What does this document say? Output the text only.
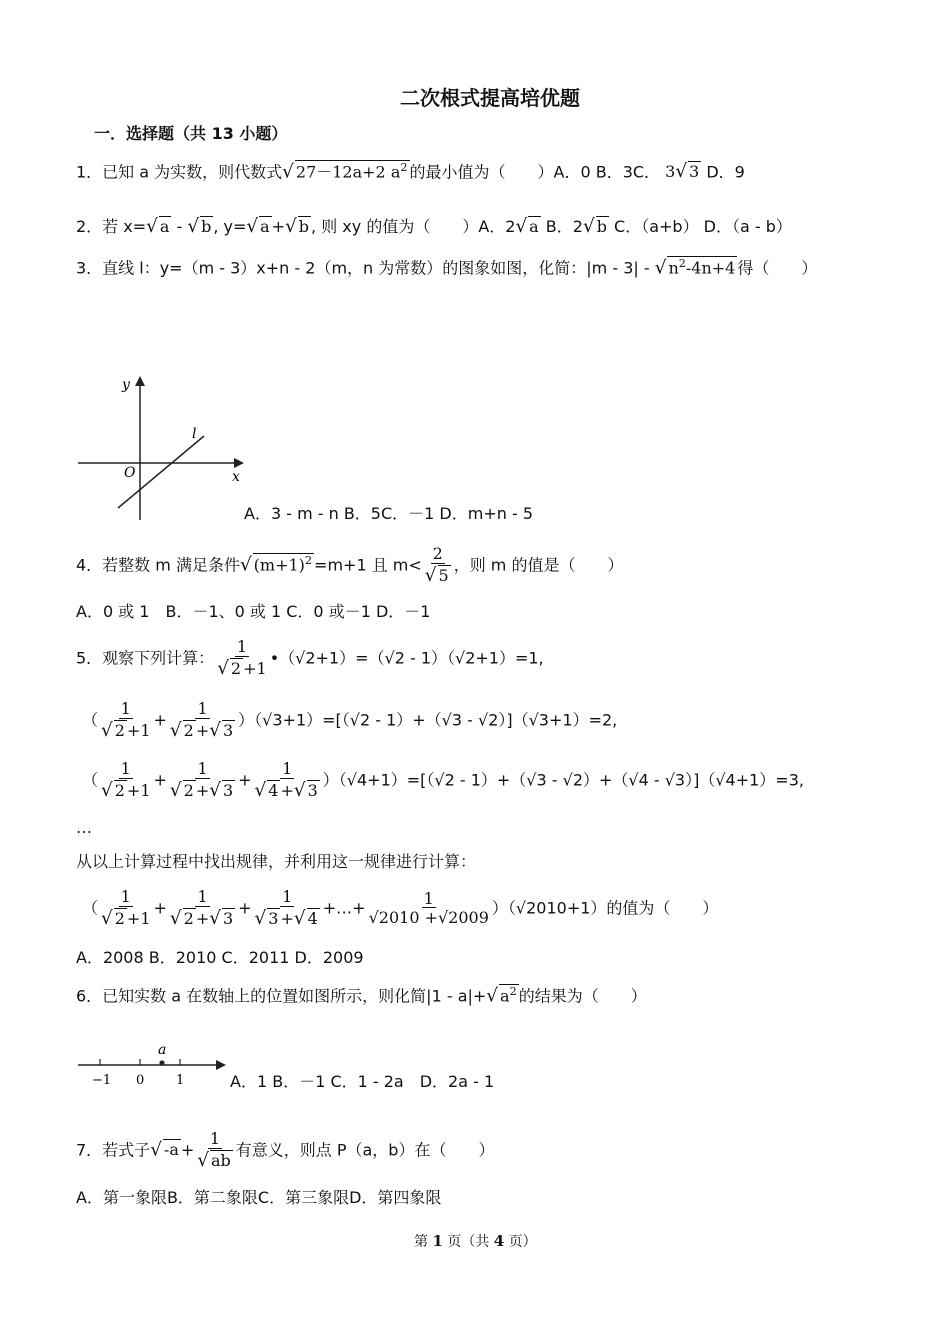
二次根式提高培优题
一．选择题（共 13 小题）
1．已知 a 为实数，则代数式√ 27－12a+2 $a^2$ 的最小值为（　　）A．0 B．3C． 3√ 3 D．9
2．若 x=√ a - √ b , y=√ a +√ b , 则 xy 的值为（　　）A．2√ a B．2√ b C．（a+b） D．（a - b）
3．直线 l：y=（m - 3）x+n - 2（m，n 为常数）的图象如图，化简：|m - 3| - √ $n^2-4n+4$ 得（　　）
y
x
O
l
A．3 - m - n B．5C．－1 D．m+n - 5
4．若整数 m 满足条件√ $(m+1)^2 =m+1$ 且 $m< \frac{2}{√ 5}$ ，则 m 的值是（　　）
A．0 或 1　B．－1、0 或 1 C．0 或－1 D．－1
5．观察下列计算： $\frac{1}{√ 2 +1}$ •（√2+1）=（√2 - 1）（√2+1）=1,
（ $\frac{1}{√ 2 +1} + \frac{1}{√ 2 +√ 3} )(√3+1)=[(√2 - 1)+(√3 - √2)](√3+1)=2$,
（ $\frac{1}{√ 2 +1} + \frac{1}{√ 2 +√ 3} + \frac{1}{√ 4 +√ 3} )(√4+1)=[(√2 - 1)+(√3 - √2)+(√4 - √3)](√4+1)=3$,
…
从以上计算过程中找出规律，并利用这一规律进行计算：
（ $\frac{1}{√ 2 +1} + \frac{1}{√ 2 +√ 3} + \frac{1}{√ 3 +√ 4}$ +…+ $\frac{1}{√2010 +√2009} )(√2010+1)$的值为（　　）
A．2008 B．2010 C．2011 D．2009
6．已知实数 a 在数轴上的位置如图所示，则化简|1 - a|+√ $a^2$ 的结果为（　　）
−1 0 1
a
A．1 B．－1 C．1 - 2a　D．2a - 1
7．若式子√ $-a + \frac{1}{√ ab}$ 有意义，则点 P（a，b）在（　　）
A．第一象限B．第二象限C．第三象限D．第四象限
第 1 页（共 4 页）
